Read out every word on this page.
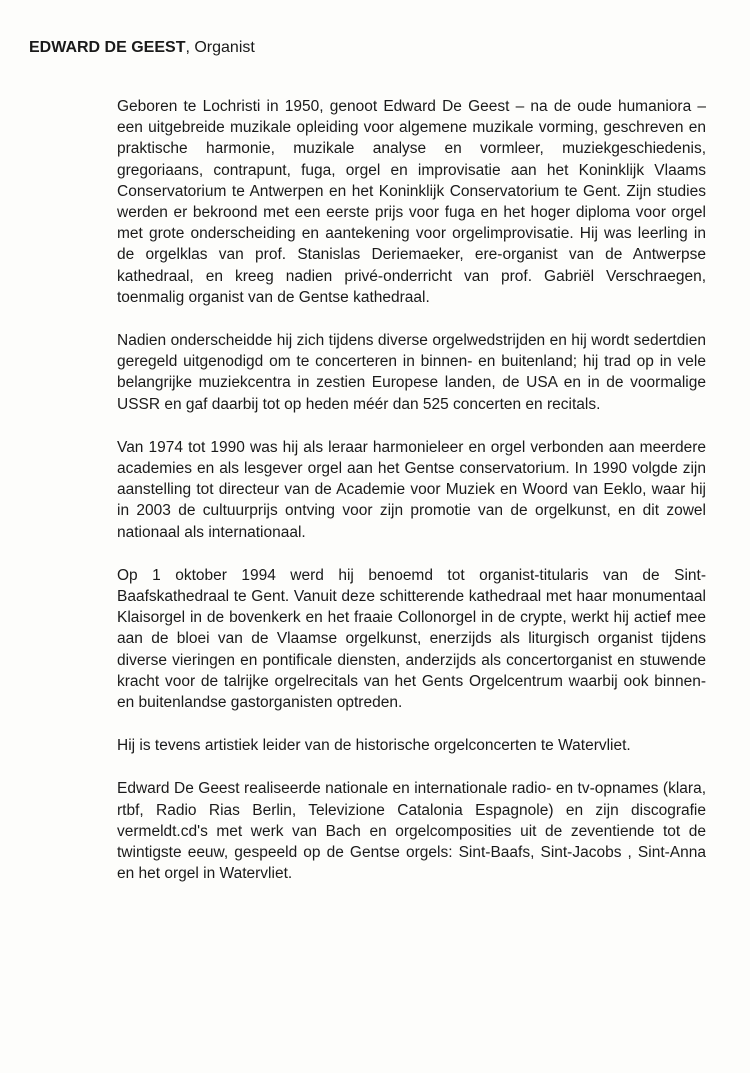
EDWARD DE GEEST, Organist

Geboren te Lochristi in 1950, genoot Edward De Geest – na de oude humaniora – een uitgebreide muzikale opleiding voor algemene muzikale vorming, geschreven en praktische harmonie, muzikale analyse en vormleer, muziekgeschiedenis, gregoriaans, contrapunt, fuga, orgel en improvisatie aan het Koninklijk Vlaams Conservatorium te Antwerpen en het Koninklijk Conservatorium te Gent. Zijn studies werden er bekroond met een eerste prijs voor fuga en het hoger diploma voor orgel met grote onderscheiding en aantekening voor orgelimprovisatie. Hij was leerling in de orgelklas van prof. Stanislas Deriemaeker, ere-organist van de Antwerpse kathedraal, en kreeg nadien privé-onderricht van prof. Gabriël Verschraegen, toenmalig organist van de Gentse kathedraal.

Nadien onderscheidde hij zich tijdens diverse orgelwedstrijden en hij wordt sedertdien geregeld uitgenodigd om te concerteren in binnen- en buitenland; hij trad op in vele belangrijke muziekcentra in zestien Europese landen, de USA en in de voormalige USSR en gaf daarbij tot op heden méér dan 525 concerten en recitals.

Van 1974 tot 1990 was hij als leraar harmonieleer en orgel verbonden aan meerdere academies en als lesgever orgel aan het Gentse conservatorium. In 1990 volgde zijn aanstelling tot directeur van de Academie voor Muziek en Woord van Eeklo, waar hij in 2003 de cultuurprijs ontving voor zijn promotie van de orgelkunst, en dit zowel nationaal als internationaal.

Op 1 oktober 1994 werd hij benoemd tot organist-titularis van de Sint-Baafskathedraal te Gent. Vanuit deze schitterende kathedraal met haar monumentaal Klaisorgel in de bovenkerk en het fraaie Collonorgel in de crypte, werkt hij actief mee aan de bloei van de Vlaamse orgelkunst, enerzijds als liturgisch organist tijdens diverse vieringen en pontificale diensten, anderzijds als concertorganist en stuwende kracht voor de talrijke orgelrecitals van het Gents Orgelcentrum waarbij ook binnen- en buitenlandse gastorganisten optreden.

Hij is tevens artistiek leider van de historische orgelconcerten te Watervliet.

Edward De Geest realiseerde nationale en internationale radio- en tv-opnames (klara, rtbf, Radio Rias Berlin, Televizione Catalonia Espagnole) en zijn discografie vermeldt.cd's met werk van Bach en orgelcomposities uit de zeventiende tot de twintigste eeuw, gespeeld op de Gentse orgels: Sint-Baafs, Sint-Jacobs , Sint-Anna en het orgel in Watervliet.
